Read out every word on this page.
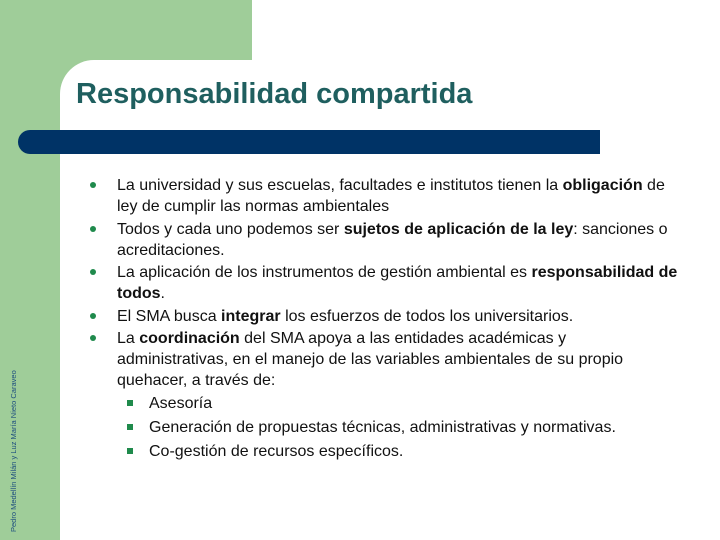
Responsabilidad compartida
Pedro Medellín Milán y Luz María Nieto Caraveo
La universidad y sus escuelas, facultades e institutos tienen la obligación de ley de cumplir las normas ambientales
Todos y cada uno podemos ser sujetos de aplicación de la ley: sanciones o acreditaciones.
La aplicación de los instrumentos de gestión ambiental es responsabilidad de todos.
El SMA busca integrar los esfuerzos de todos los universitarios.
La coordinación del SMA apoya a las entidades académicas y administrativas, en el manejo de las variables ambientales de su propio quehacer, a través de:
Asesoría
Generación de propuestas técnicas, administrativas y normativas.
Co-gestión de recursos específicos.
